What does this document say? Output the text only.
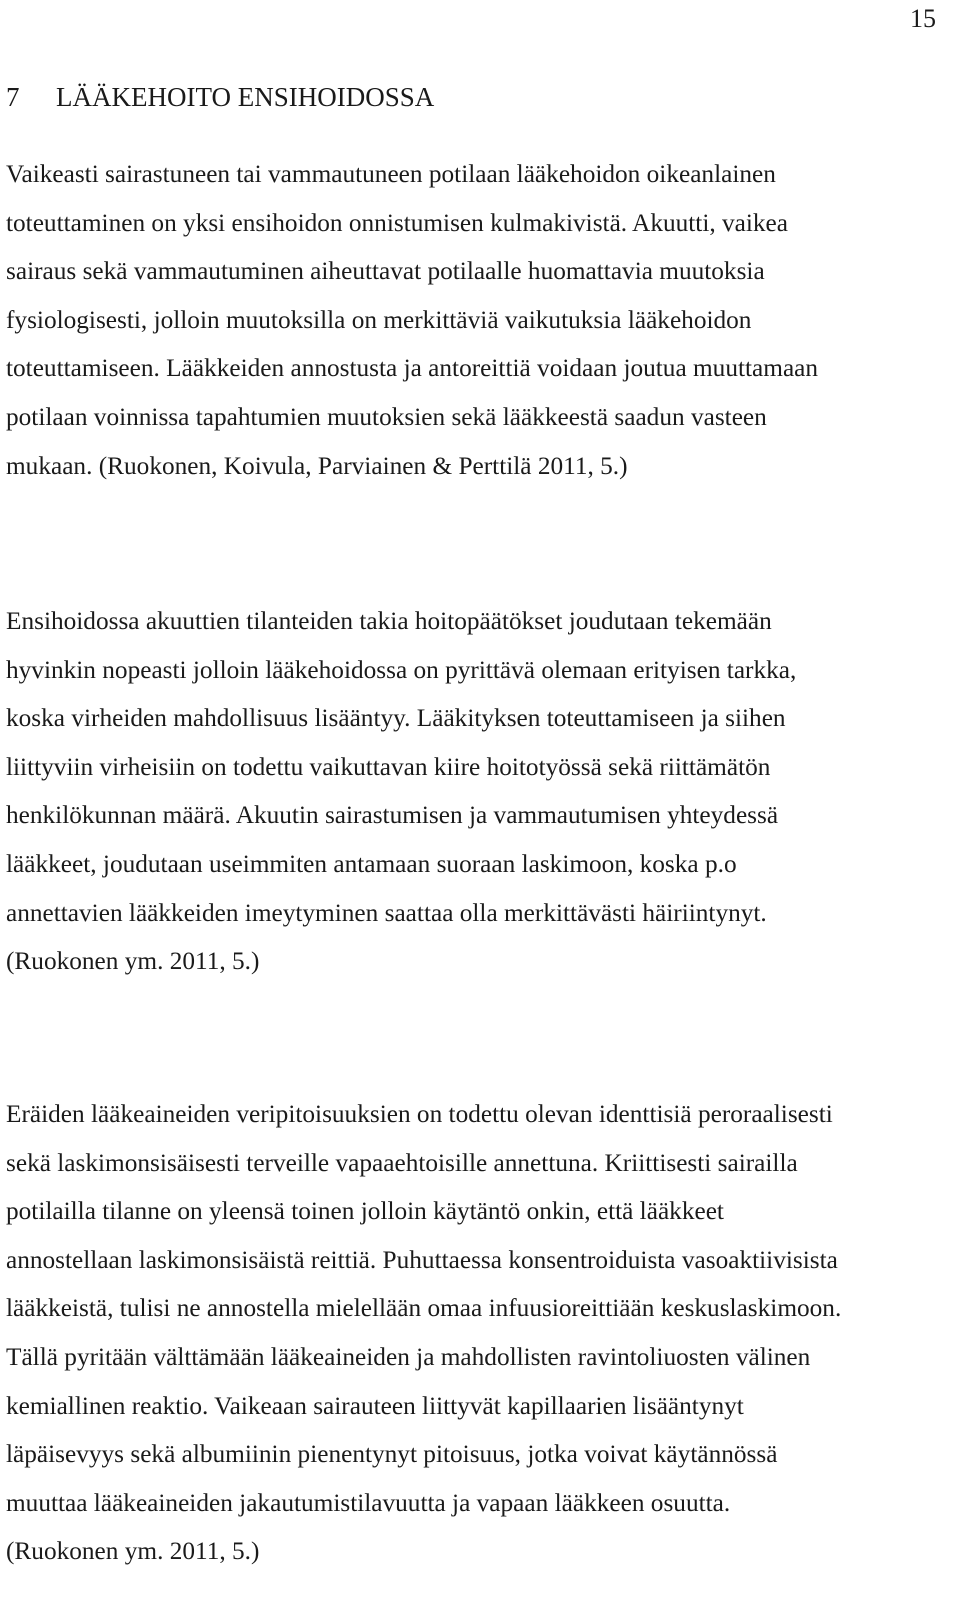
15
7 LÄÄKEHOITO ENSIHOIDOSSA

Vaikeasti sairastuneen tai vammautuneen potilaan lääkehoidon oikeanlainen
toteuttaminen on yksi ensihoidon onnistumisen kulmakivistä. Akuutti, vaikea
sairaus sekä vammautuminen aiheuttavat potilaalle huomattavia muutoksia
fysiologisesti, jolloin muutoksilla on merkittäviä vaikutuksia lääkehoidon
toteuttamiseen. Lääkkeiden annostusta ja antoreittiä voidaan joutua muuttamaan
potilaan voinnissa tapahtumien muutoksien sekä lääkkeestä saadun vasteen
mukaan. (Ruokonen, Koivula, Parviainen & Perttilä 2011, 5.)

Ensihoidossa akuuttien tilanteiden takia hoitopäätökset joudutaan tekemään
hyvinkin nopeasti jolloin lääkehoidossa on pyrittävä olemaan erityisen tarkka,
koska virheiden mahdollisuus lisääntyy. Lääkityksen toteuttamiseen ja siihen
liittyviin virheisiin on todettu vaikuttavan kiire hoitotyössä sekä riittämätön
henkilökunnan määrä. Akuutin sairastumisen ja vammautumisen yhteydessä
lääkkeet, joudutaan useimmiten antamaan suoraan laskimoon, koska p.o
annettavien lääkkeiden imeytyminen saattaa olla merkittävästi häiriintynyt.
(Ruokonen ym. 2011, 5.)

Eräiden lääkeaineiden veripitoisuuksien on todettu olevan identtisiä peroraalisesti
sekä laskimonsisäisesti terveille vapaaehtoisille annettuna. Kriittisesti sairailla
potilailla tilanne on yleensä toinen jolloin käytäntö onkin, että lääkkeet
annostellaan laskimonsisäistä reittiä. Puhuttaessa konsentroiduista vasoaktiivisista
lääkkeistä, tulisi ne annostella mielellään omaa infuusioreittiään keskuslaskimoon.
Tällä pyritään välttämään lääkeaineiden ja mahdollisten ravintoliuosten välinen
kemiallinen reaktio. Vaikeaan sairauteen liittyvät kapillaarien lisääntynyt
läpäisevyys sekä albumiinin pienentynyt pitoisuus, jotka voivat käytännössä
muuttaa lääkeaineiden jakautumistilavuutta ja vapaan lääkkeen osuutta.
(Ruokonen ym. 2011, 5.)
